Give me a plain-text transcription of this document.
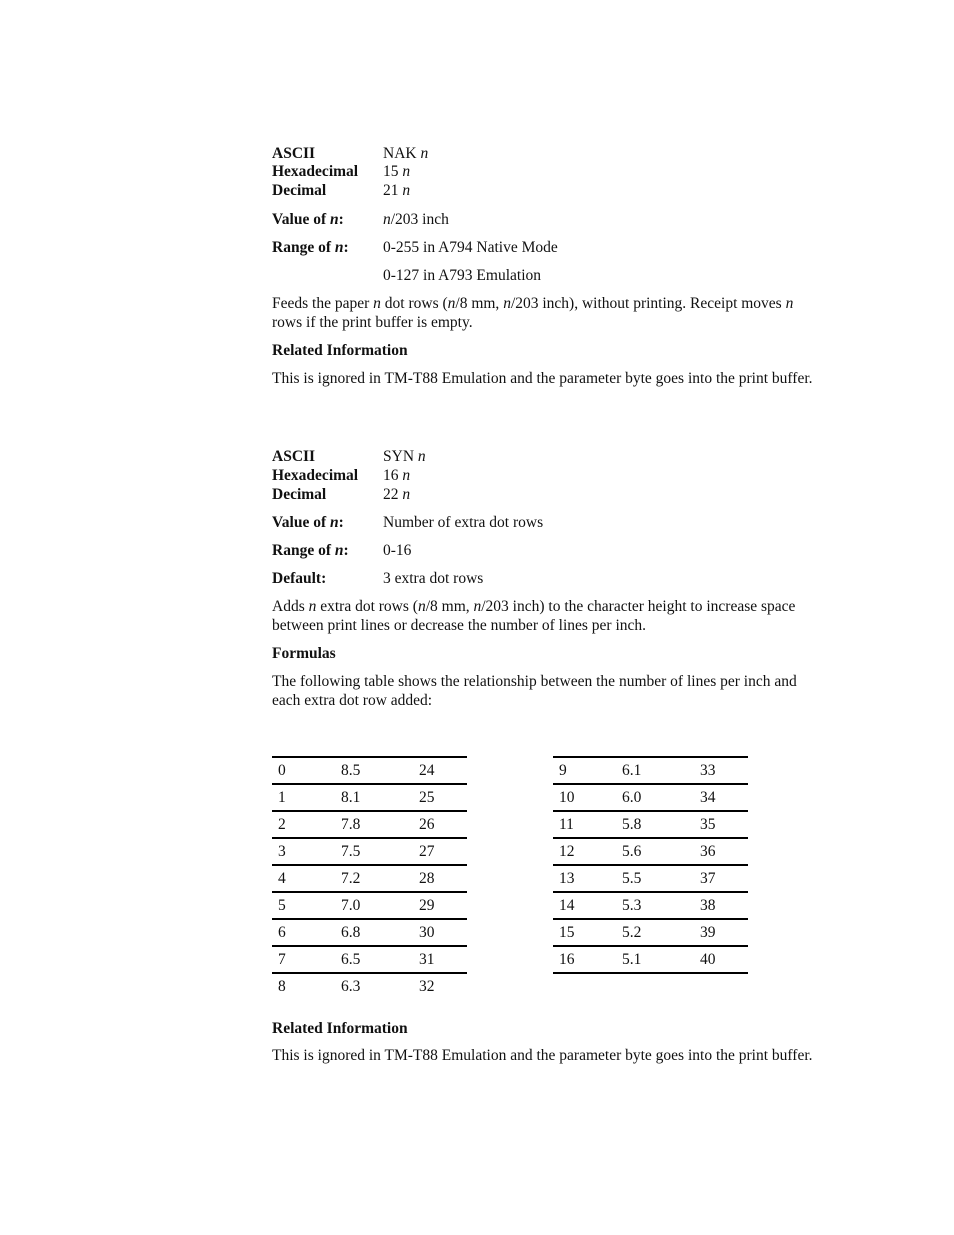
ASCII	NAK n
Hexadecimal 15 n
Decimal	21 n
Value of n:	n/203 inch
Range of n: 0-255 in A794 Native Mode
0-127 in A793 Emulation
Feeds the paper n dot rows (n/8 mm, n/203 inch), without printing. Receipt moves n
rows if the print buffer is empty.
Related Information
This is ignored in TM-T88 Emulation and the parameter byte goes into the print buffer.
ASCII	SYN n
Hexadecimal 16 n
Decimal	22 n
Value of n:	Number of extra dot rows
Range of n: 0-16
Default:	3 extra dot rows
Adds n extra dot rows (n/8 mm, n/203 inch) to the character height to increase space
between print lines or decrease the number of lines per inch.
Formulas
The following table shows the relationship between the number of lines per inch and
each extra dot row added:
0	8.5	24
1	8.1	25
2	7.8	26
3	7.5	27
4	7.2	28
5	7.0	29
6	6.8	30
7	6.5	31
8	6.3	32
9	6.1	33
10	6.0	34
11	5.8	35
12	5.6	36
13	5.5	37
14	5.3	38
15	5.2	39
16	5.1	40
Related Information
This is ignored in TM-T88 Emulation and the parameter byte goes into the print buffer.
